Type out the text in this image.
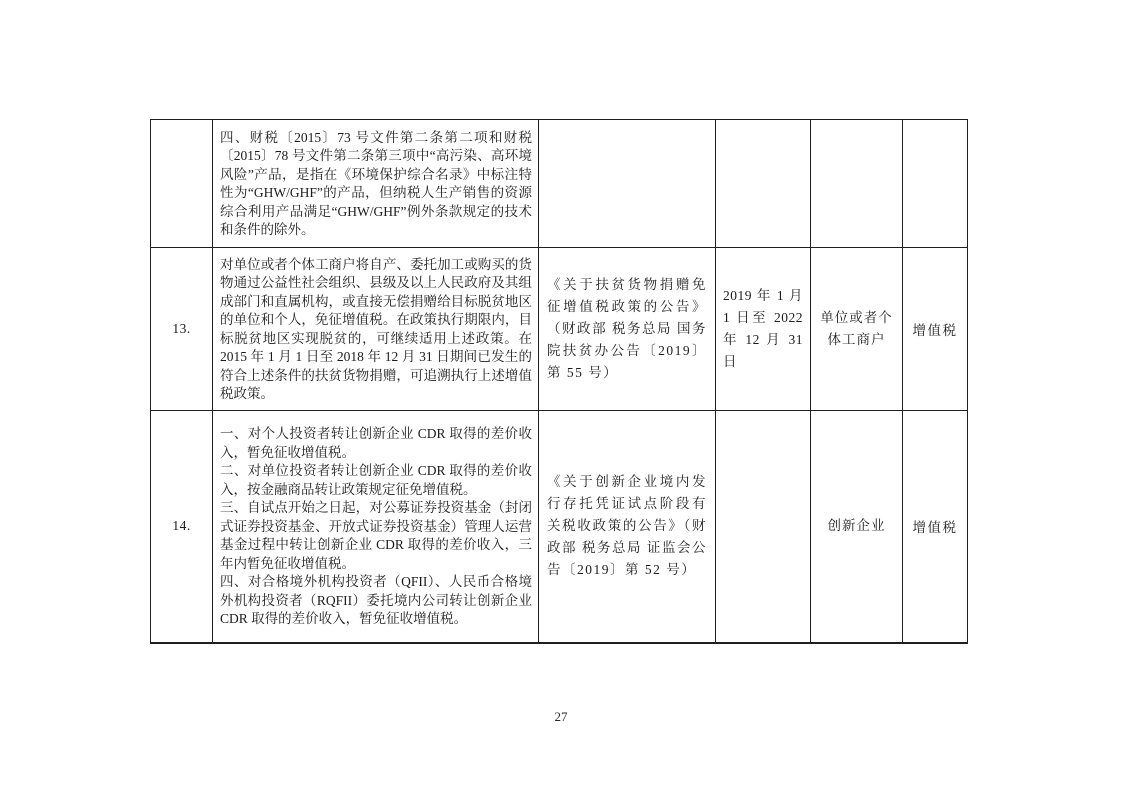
	四、财税〔2015〕73 号文件第二条第二项和财税〔2015〕78 号文件第二条第三项中“高污染、高环境风险”产品，是指在《环境保护综合名录》中标注特性为“GHW/GHF”的产品，但纳税人生产销售的资源综合利用产品满足“GHW/GHF”例外条款规定的技术和条件的除外。				

13.	对单位或者个体工商户将自产、委托加工或购买的货物通过公益性社会组织、县级及以上人民政府及其组成部门和直属机构，或直接无偿捐赠给目标脱贫地区的单位和个人，免征增值税。在政策执行期限内，目标脱贫地区实现脱贫的，可继续适用上述政策。在 2015 年 1 月 1 日至 2018 年 12 月 31 日期间已发生的符合上述条件的扶贫货物捐赠，可追溯执行上述增值税政策。	《关于扶贫货物捐赠免征增值税政策的公告》（财政部 税务总局 国务院扶贫办公告〔2019〕第 55 号）	2019 年 1 月 1 日至 2022 年 12 月 31 日	单位或者个体工商户	增值税
14.	一、对个人投资者转让创新企业 CDR 取得的差价收入，暂免征收增值税。

二、对单位投资者转让创新企业 CDR 取得的差价收入，按金融商品转让政策规定征免增值税。

三、自试点开始之日起，对公募证券投资基金（封闭式证券投资基金、开放式证券投资基金）管理人运营基金过程中转让创新企业 CDR 取得的差价收入，三年内暂免征收增值税。

四、对合格境外机构投资者（QFII）、人民币合格境外机构投资者（RQFII）委托境内公司转让创新企业 CDR 取得的差价收入，暂免征收增值税。	《关于创新企业境内发行存托凭证试点阶段有关税收政策的公告》（财政部 税务总局 证监会公告〔2019〕第 52 号）		创新企业	增值税
27
